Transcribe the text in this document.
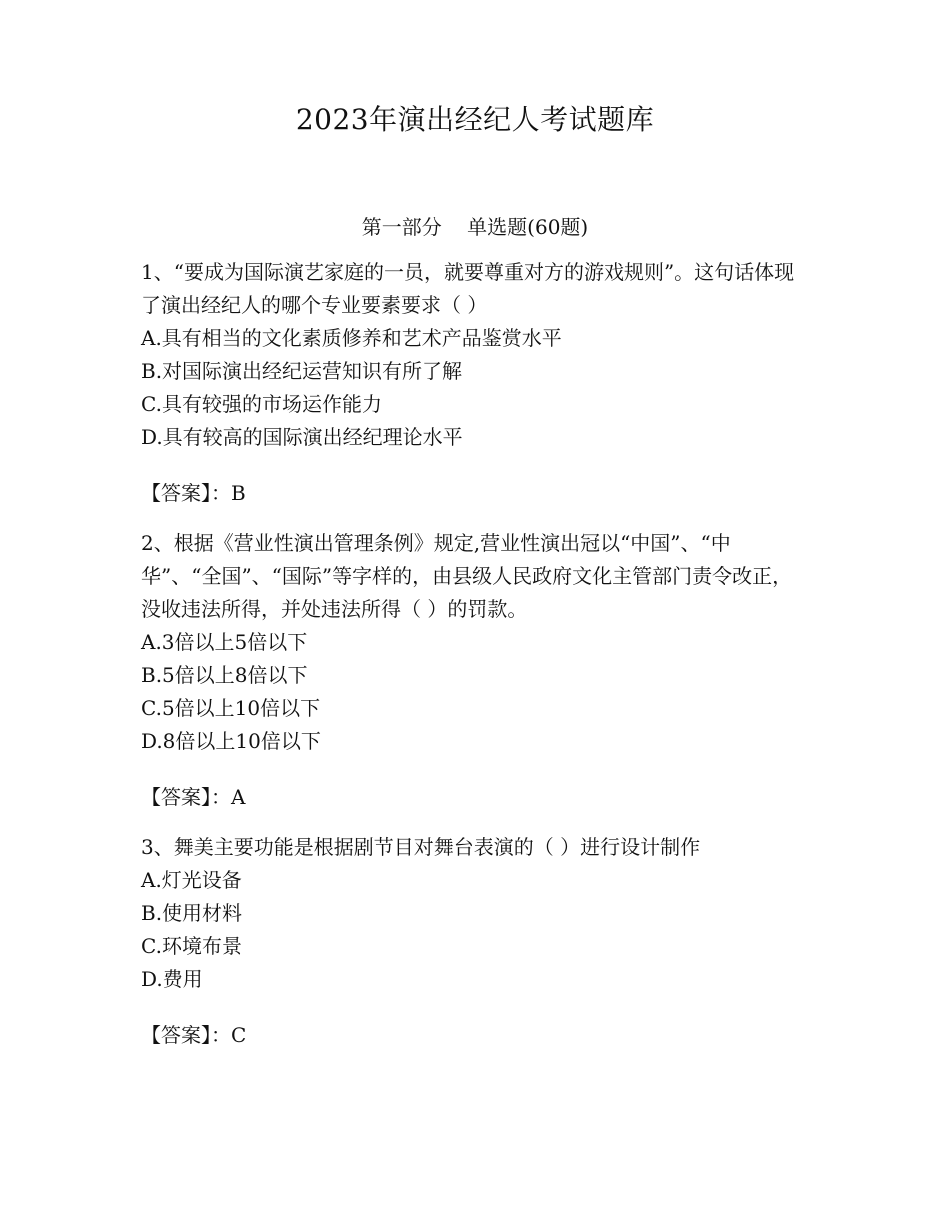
2023年演出经纪人考试题库
第一部分    单选题(60题)

1、“要成为国际演艺家庭的一员，就要尊重对方的游戏规则”。这句话体现了演出经纪人的哪个专业要素要求（ ）

A.具有相当的文化素质修养和艺术产品鉴赏水平
B.对国际演出经纪运营知识有所了解
C.具有较强的市场运作能力
D.具有较高的国际演出经纪理论水平

【答案】：B

2、根据《营业性演出管理条例》规定,营业性演出冠以“中国”、“中华”、“全国”、“国际”等字样的，由县级人民政府文化主管部门责令改正，没收违法所得，并处违法所得（ ）的罚款。

A.3倍以上5倍以下
B.5倍以上8倍以下
C.5倍以上10倍以下
D.8倍以上10倍以下

【答案】：A

3、舞美主要功能是根据剧节目对舞台表演的（ ）进行设计制作

A.灯光设备
B.使用材料
C.环境布景
D.费用

【答案】：C
